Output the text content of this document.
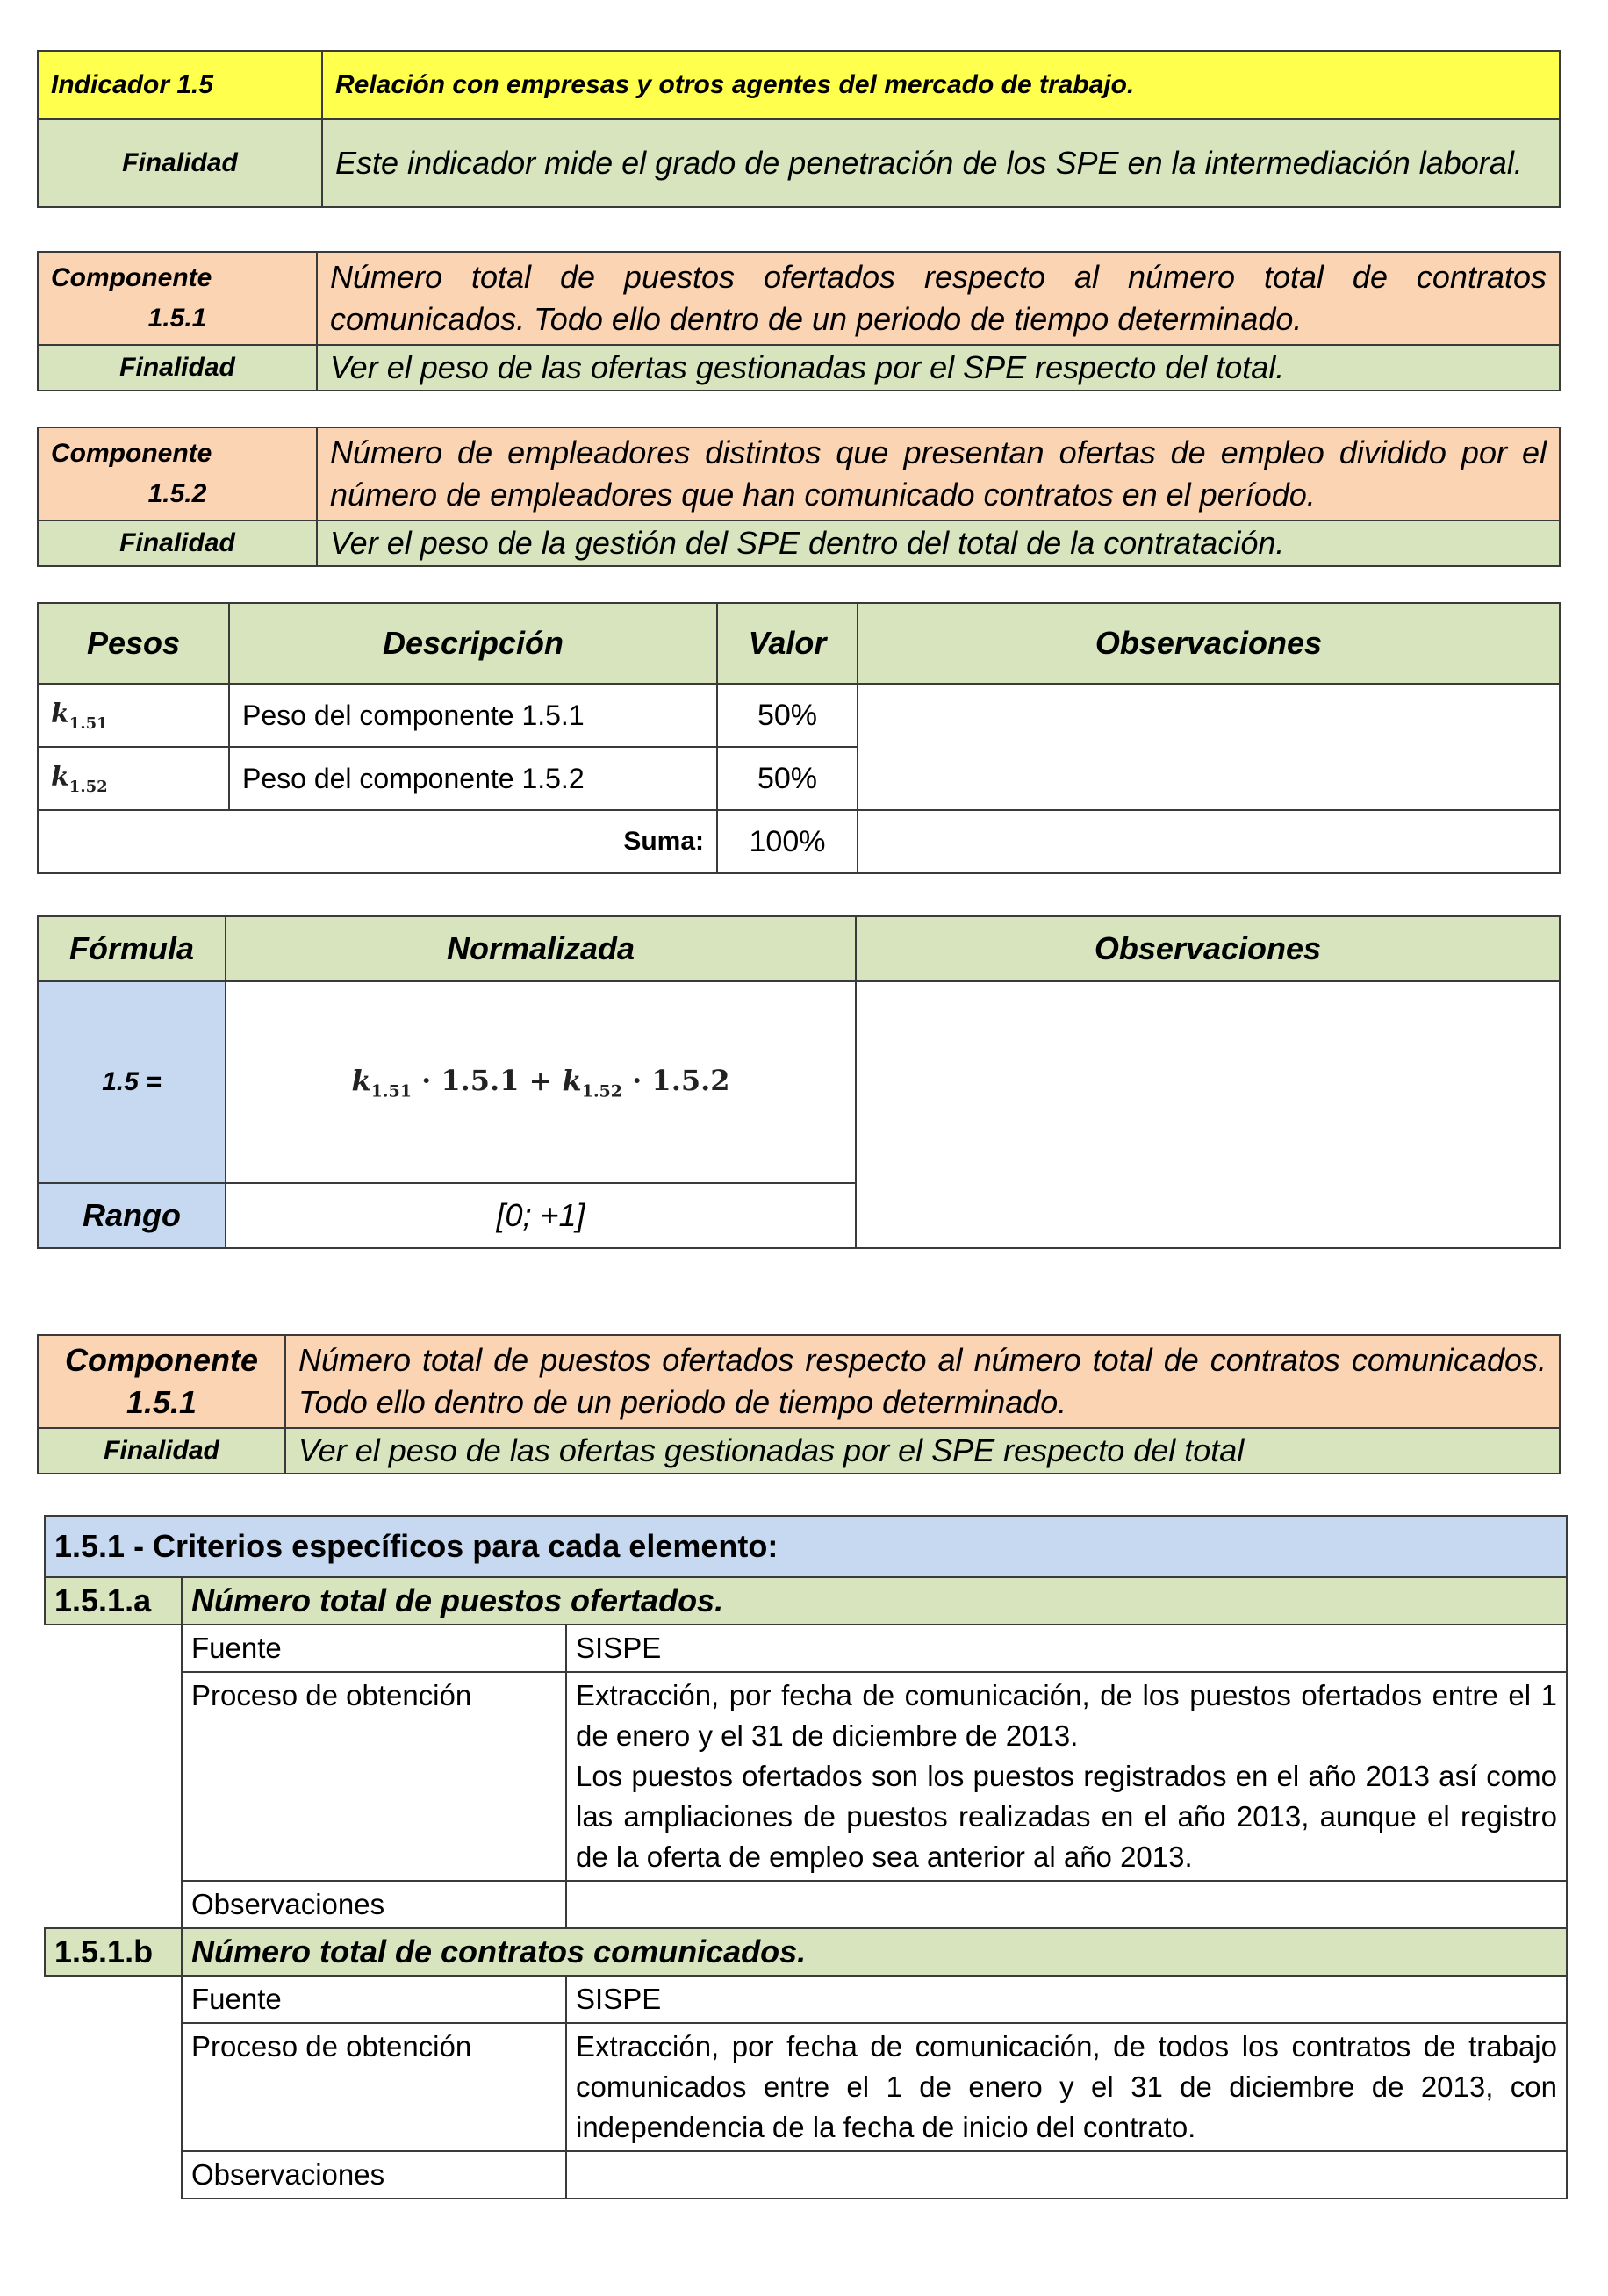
Indicador 1.5	Relación con empresas y otros agentes del mercado de trabajo.
Finalidad	Este indicador mide el grado de penetración de los SPE en la intermediación laboral.
Componente
1.5.1	Número total de puestos ofertados respecto al número total de contratos comunicados. Todo ello dentro de un periodo de tiempo determinado.
Finalidad	Ver el peso de las ofertas gestionadas por el SPE respecto del total.
Componente
1.5.2	Número de empleadores distintos que presentan ofertas de empleo dividido por el número de empleadores que han comunicado contratos en el período.
Finalidad	Ver el peso de la gestión del SPE dentro del total de la contratación.
Pesos	Descripción	Valor	Observaciones
$k_{1.51}$	Peso del componente 1.5.1	50%	
$k_{1.52}$	Peso del componente 1.5.2	50%	
Suma:		100%	
Fórmula	Normalizada	Observaciones
1.5 =	$k_{1.51} \cdot 1.5.1 + k_{1.52} \cdot 1.5.2$	
Rango	[0; +1]	
Componente
1.5.1	Número total de puestos ofertados respecto al número total de contratos comunicados. Todo ello dentro de un periodo de tiempo determinado.
Finalidad	Ver el peso de las ofertas gestionadas por el SPE respecto del total
1.5.1 - Criterios específicos para cada elemento:		
1.5.1.a	Número total de puestos ofertados.	
	Fuente	SISPE
	Proceso de obtención	Extracción, por fecha de comunicación, de los puestos ofertados entre el 1 de enero y el 31 de diciembre de 2013.
Los puestos ofertados son los puestos registrados en el año 2013 así como las ampliaciones de puestos realizadas en el año 2013, aunque el registro de la oferta de empleo sea anterior al año 2013.

	Observaciones	
1.5.1.b	Número total de contratos comunicados.	
	Fuente	SISPE
	Proceso de obtención	Extracción, por fecha de comunicación, de todos los contratos de trabajo comunicados entre el 1 de enero y el 31 de diciembre de 2013, con independencia de la fecha de inicio del contrato.
	Observaciones	
